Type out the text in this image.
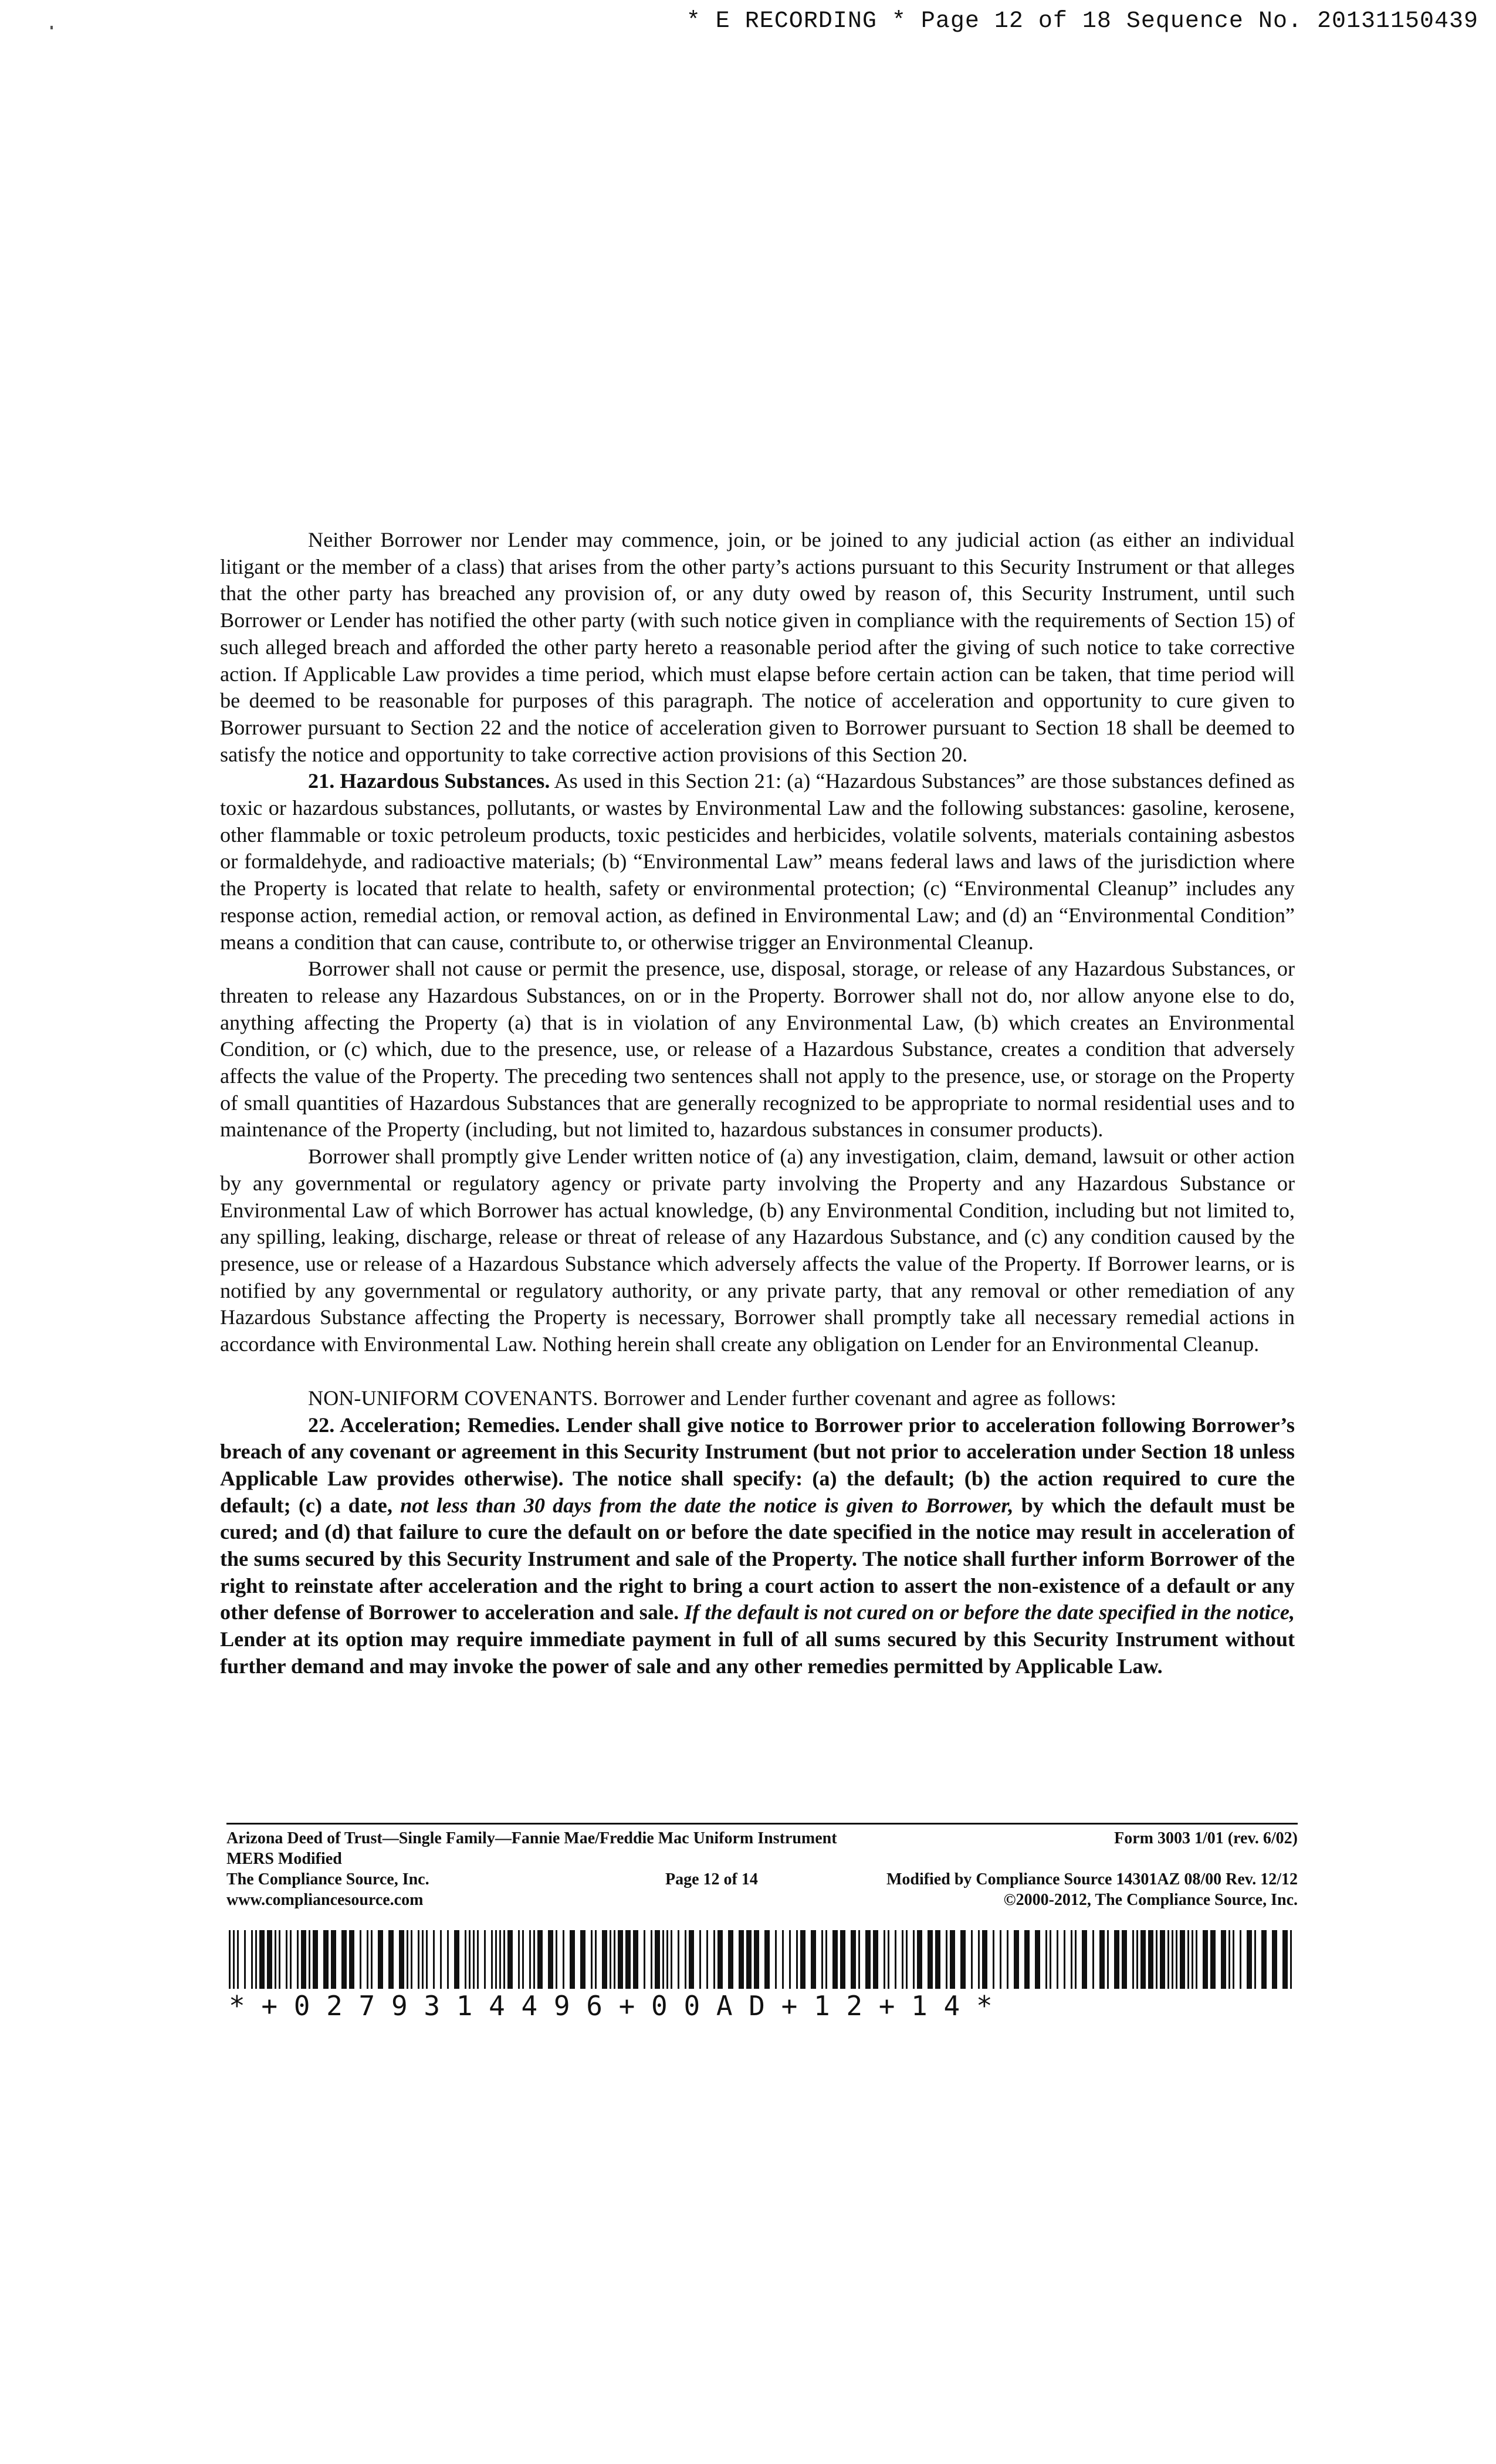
* E RECORDING * Page 12 of 18 Sequence No. 20131150439

Neither Borrower nor Lender may commence, join, or be joined to any judicial action (as either an individual litigant or the member of a class) that arises from the other party’s actions pursuant to this Security Instrument or that alleges that the other party has breached any provision of, or any duty owed by reason of, this Security Instrument, until such Borrower or Lender has notified the other party (with such notice given in compliance with the requirements of Section 15) of such alleged breach and afforded the other party hereto a reasonable period after the giving of such notice to take corrective action. If Applicable Law provides a time period, which must elapse before certain action can be taken, that time period will be deemed to be reasonable for purposes of this paragraph. The notice of acceleration and opportunity to cure given to Borrower pursuant to Section 22 and the notice of acceleration given to Borrower pursuant to Section 18 shall be deemed to satisfy the notice and opportunity to take corrective action provisions of this Section 20.

21. Hazardous Substances. As used in this Section 21: (a) “Hazardous Substances” are those substances defined as toxic or hazardous substances, pollutants, or wastes by Environmental Law and the following substances: gasoline, kerosene, other flammable or toxic petroleum products, toxic pesticides and herbicides, volatile solvents, materials containing asbestos or formaldehyde, and radioactive materials; (b) “Environmental Law” means federal laws and laws of the jurisdiction where the Property is located that relate to health, safety or environmental protection; (c) “Environmental Cleanup” includes any response action, remedial action, or removal action, as defined in Environmental Law; and (d) an “Environmental Condition” means a condition that can cause, contribute to, or otherwise trigger an Environmental Cleanup.

Borrower shall not cause or permit the presence, use, disposal, storage, or release of any Hazardous Substances, or threaten to release any Hazardous Substances, on or in the Property. Borrower shall not do, nor allow anyone else to do, anything affecting the Property (a) that is in violation of any Environmental Law, (b) which creates an Environmental Condition, or (c) which, due to the presence, use, or release of a Hazardous Substance, creates a condition that adversely affects the value of the Property. The preceding two sentences shall not apply to the presence, use, or storage on the Property of small quantities of Hazardous Substances that are generally recognized to be appropriate to normal residential uses and to maintenance of the Property (including, but not limited to, hazardous substances in consumer products).

Borrower shall promptly give Lender written notice of (a) any investigation, claim, demand, lawsuit or other action by any governmental or regulatory agency or private party involving the Property and any Hazardous Substance or Environmental Law of which Borrower has actual knowledge, (b) any Environmental Condition, including but not limited to, any spilling, leaking, discharge, release or threat of release of any Hazardous Substance, and (c) any condition caused by the presence, use or release of a Hazardous Substance which adversely affects the value of the Property. If Borrower learns, or is notified by any governmental or regulatory authority, or any private party, that any removal or other remediation of any Hazardous Substance affecting the Property is necessary, Borrower shall promptly take all necessary remedial actions in accordance with Environmental Law. Nothing herein shall create any obligation on Lender for an Environmental Cleanup.

NON-UNIFORM COVENANTS. Borrower and Lender further covenant and agree as follows:

22. Acceleration; Remedies. Lender shall give notice to Borrower prior to acceleration following Borrower’s breach of any covenant or agreement in this Security Instrument (but not prior to acceleration under Section 18 unless Applicable Law provides otherwise). The notice shall specify: (a) the default; (b) the action required to cure the default; (c) a date, not less than 30 days from the date the notice is given to Borrower, by which the default must be cured; and (d) that failure to cure the default on or before the date specified in the notice may result in acceleration of the sums secured by this Security Instrument and sale of the Property. The notice shall further inform Borrower of the right to reinstate after acceleration and the right to bring a court action to assert the non-existence of a default or any other defense of Borrower to acceleration and sale. If the default is not cured on or before the date specified in the notice, Lender at its option may require immediate payment in full of all sums secured by this Security Instrument without further demand and may invoke the power of sale and any other remedies permitted by Applicable Law.

Arizona Deed of Trust—Single Family—Fannie Mae/Freddie Mac Uniform Instrument	Form 3003 1/01 (rev. 6/02)
MERS Modified
The Compliance Source, Inc.	Page 12 of 14	Modified by Compliance Source 14301AZ 08/00 Rev. 12/12
www.compliancesource.com	©2000-2012, The Compliance Source, Inc.
* + 0 2 7 9 3 1 4 4 9 6 + 0 0 A D + 1 2 + 1 4 *
